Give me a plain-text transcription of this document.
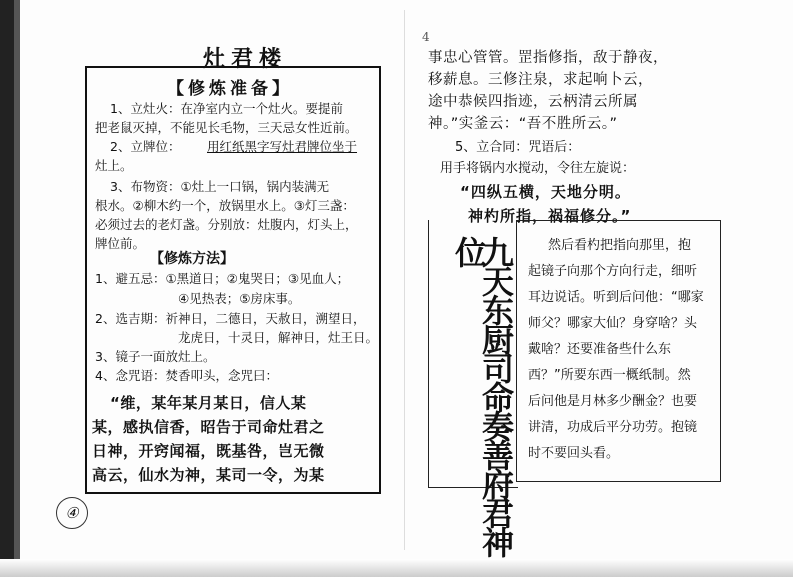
灶君楼
【修炼准备】
1、立灶火：在净室内立一个灶火。要提前
把老鼠灭掉，不能见长毛物，三天忌女性近前。
2、立牌位： 用红纸黑字写灶君牌位坐于
灶上。
3、布物资：①灶上一口锅，锅内装满无
根水。②柳木约一个，放锅里水上。③灯三盏：
必须过去的老灯盏。分别放：灶腹内，灯头上，
牌位前。
【修炼方法】
1、避五忌：①黑道日；②鬼哭日；③见血人；
④见热表；⑤房床事。
2、选吉期：祈神日，二德日，天赦日，溯望日，
龙虎日，十灵日，解神日，灶王日。
3、镜子一面放灶上。
4、念咒语：焚香叩头，念咒曰：
“维，某年某月某日，信人某
某，感执信香，昭告于司命灶君之
日神，开窍闻福，既基咎，岂无微
高云，仙水为神，某司一令，为某
④
4
事忠心管管。罡指修指，敌于静夜，
移薪息。三修注泉，求起响卜云，
途中恭候四指迹，云柄清云所属
神。”实釜云：“吾不胜所云。”
5、立合同：咒语后：
用手将锅内水搅动，令往左旋说：
“四纵五横，天地分明。
神杓所指，祸福修分。”
九天东厨司命奏善府君神位	然后看杓把指向那里，抱
起镜子向那个方向行走，细听
耳边说话。听到后问他：“哪家
师父？哪家大仙？身穿啥？头
戴啥？还要准备些什么东
西？”所要东西一概纸制。然
后问他是月林多少酬金？也要
讲清，功成后平分功劳。抱镜
时不要回头看。
